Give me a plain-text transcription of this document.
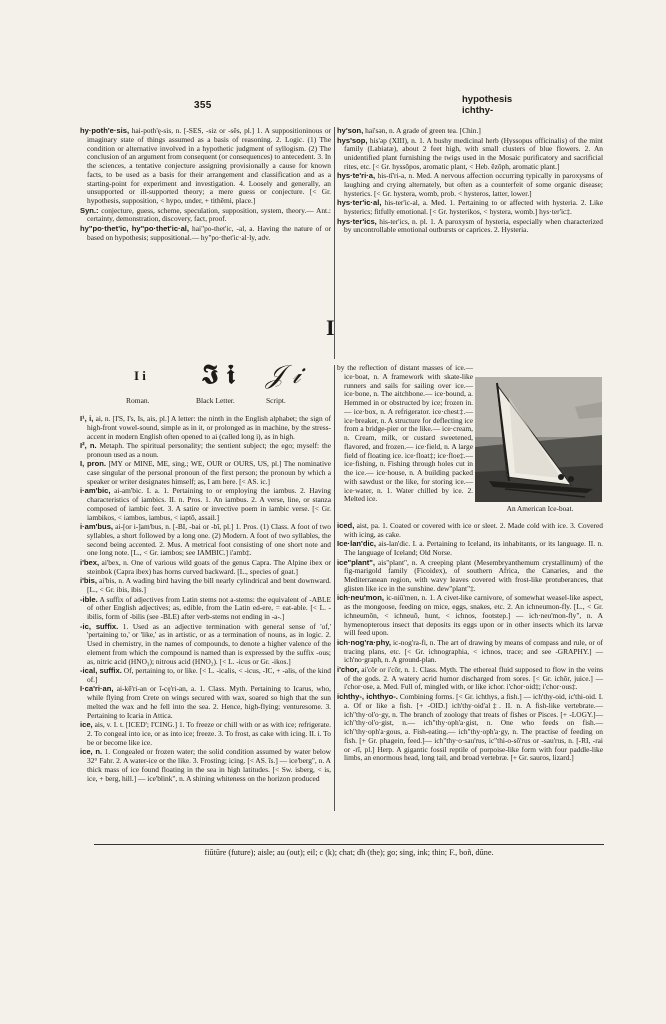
355
hypothesis
ichthy-

hy·poth'e·sis, hai-poth'ę-sis, n. [-SES, -siz or -sēs, pl.] 1. A suppositioninous or imaginary state of things assumed as a basis of reasoning. 2. Logic. (1) The condition or alternative involved in a hypothetic judgment of syllogism. (2) The conclusion of an argument from consequent (or consequences) to antecedent. 3. In the sciences, a tentative conjecture assigning provisionally a cause for known facts, to be used as a basis for their arrangement and classification and as a starting-point for experiment and investigation. 4. Loosely and generally, an unsupported or ill-supported theory; a mere guess or conjecture. [< Gr. hypothesis, supposition, < hypo, under, + tithēmi, place.]

Syn.: conjecture, guess, scheme, speculation, supposition, system, theory.— Ant.: certainty, demonstration, discovery, fact, proof.

hy"po·thet'ic, hy"po·thet'ic·al, hai"po-thet'ic, -al, a. Having the nature of or based on hypothesis; suppositional.— hy"po·thet'ic·al·ly, adv.

hy'son, hai'sǝn, n. A grade of green tea. [Chin.]

hys'sop, his'ǝp (XIII), n. 1. A bushy medicinal herb (Hyssopus officinalis) of the mint family (Labiatæ), about 2 feet high, with small clusters of blue flowers. 2. An unidentified plant furnishing the twigs used in the Mosaic purificatory and sacrificial rites, etc. [< Gr. hyssōpos, aromatic plant, < Heb. ēzōph, aromatic plant.]

hys·te'ri·a, his-tī'ri-a, n. Med. A nervous affection occurring typically in paroxysms of laughing and crying alternately, but often as a counterfeit of some organic disease; hysterics. [< Gr. hystera, womb, prob. < hysteros, latter, lower.]

hys·ter'ic·al, his-ter'ic-al, a. Med. 1. Pertaining to or affected with hysteria. 2. Like hysterics; fitfully emotional. [< Gr. hysterikos, < hystera, womb.] hys·ter'ic‡.

hys·ter'ics, his-ter'ics, n. pl. 1. A paroxysm of hysteria, especially when characterized by uncontrollable emotional outbursts or caprices. 2. Hysteria.

I
I i 𝕴 𝖎 𝒥 𝒾
Roman.	Black Letter.	Script.

I¹, i, ai, n. [I'S, I's, Is, ais, pl.] A letter: the ninth in the English alphabet; the sign of high-front vowel-sound, simple as in it, or prolonged as in machine, by the stress-accent in modern English often opened to ai (called long i), as in high.

I², n. Metaph. The spiritual personality; the sentient subject; the ego; myself: the pronoun used as a noun.

I, pron. [MY or MINE, ME, sing.; WE, OUR or OURS, US, pl.] The nominative case singular of the personal pronoun of the first person; the pronoun by which a speaker or writer designates himself; as, I am here. [< AS. ic.]

i·am'bic, ai-am'bic. I. a. 1. Pertaining to or employing the iambus. 2. Having characteristics of iambics. II. n. Pros. 1. An iambus. 2. A verse, line, or stanza composed of iambic feet. 3. A satire or invective poem in iambic verse. [< Gr. iambikos, < iambos, iambus, < iaptō, assail.]

i·am'bus, ai-[or i-]am'bus, n. [-BI, -bai or -bī, pl.] 1. Pros. (1) Class. A foot of two syllables, a short followed by a long one. (2) Modern. A foot of two syllables, the second being accented. 2. Mus. A metrical foot consisting of one short note and one long note. [L., < Gr. iambos; see IAMBIC.] i'amb‡.

i'bex, ai'bex, n. One of various wild goats of the genus Capra. The Alpine ibex or steinbok (Capra ibex) has horns curved backward. [L., species of goat.]

i'bis, ai'bis, n. A wading bird having the bill nearly cylindrical and bent downward. [L., < Gr. ibis, ibis.]

-ible. A suffix of adjectives from Latin stems not a-stems: the equivalent of -ABLE of other English adjectives; as, edible, from the Latin ed-ere, = eat-able. [< L. -ibilis, form of -bilis (see -BLE) after verb-stems not ending in -a-.]

-ic, suffix. 1. Used as an adjective termination with general sense of 'of,' 'pertaining to,' or 'like,' as in artistic, or as a termination of nouns, as in logic. 2. Used in chemistry, in the names of compounds, to denote a higher valence of the element from which the compound is named than is expressed by the suffix -ous; as, nitric acid (HNO₃); nitrous acid (HNO₂). [< L. -icus or Gr. -ikos.]

-ical, suffix. Of, pertaining to, or like. [< L. -icalis, < -icus, -IC, + -alis, of the kind of.]

I·ca'ri·an, ai-kē'ri-an or ī-cę'ri-an, a. 1. Class. Myth. Pertaining to Icarus, who, while flying from Crete on wings secured with wax, soared so high that the sun melted the wax and he fell into the sea. 2. Hence, high-flying; venturesome. 3. Pertaining to Icaria in Attica.

ice, ais, v. I. t. [ICED'; I'CING.] 1. To freeze or chill with or as with ice; refrigerate. 2. To congeal into ice, or as into ice; freeze. 3. To frost, as cake with icing. II. i. To be or become like ice.

ice, n. 1. Congealed or frozen water; the solid condition assumed by water below 32° Fahr. 2. A water-ice or the like. 3. Frosting; icing. [< AS. īs.] — ice'berg", n. A thick mass of ice found floating in the sea in high latitudes. [< Sw. isberg, < is, ice, + berg, hill.] — ice'blink", n. A shining whiteness on the horizon produced

An American Ice-boat.

by the reflection of distant masses of ice.— ice·boat, n. A framework with skate-like runners and sails for sailing over ice.— ice·bone, n. The aitchbone.— ice·bound, a. Hemmed in or obstructed by ice; frozen in.— ice·box, n. A refrigerator. ice·chest‡.— ice·breaker, n. A structure for deflecting ice from a bridge-pier or the like.— ice·cream, n. Cream, milk, or custard sweetened, flavored, and frozen.— ice·field, n. A large field of floating ice. ice·float‡; ice·floe‡.— ice·fishing, n. Fishing through holes cut in the ice.— ice·house, n. A building packed with sawdust or the like, for storing ice.— ice·water, n. 1. Water chilled by ice. 2. Melted ice.

iced, aist, pa. 1. Coated or covered with ice or sleet. 2. Made cold with ice. 3. Covered with icing, as cake.

Ice·lan'dic, ais-lan'dic. I. a. Pertaining to Iceland, its inhabitants, or its language. II. n. The language of Iceland; Old Norse.

ice"plant", ais"plant", n. A creeping plant (Mesembryanthemum crystallinum) of the fig-marigold family (Ficoidex), of southern Africa, the Canaries, and the Mediterranean region, with wavy leaves covered with frost-like protuberances, that glisten like ice in the sunshine. dew"plant"‡.

ich·neu'mon, ic-niū'men, n. 1. A civet-like carnivore, of somewhat weasel-like aspect, as the mongoose, feeding on mice, eggs, snakes, etc. 2. An ichneumon-fly. [L., < Gr. ichneumōn, < ichneuō, hunt, < ichnos, footstep.] — ich·neu'mon-fly", n. A hymenopterous insect that deposits its eggs upon or in other insects which its larvæ will feed upon.

ich·nog'ra·phy, ic-nog'ra-fi, n. The art of drawing by means of compass and rule, or of tracing plans, etc. [< Gr. ichnographia, < ichnos, trace; and see -GRAPHY.] — ich'no·graph, n. A ground-plan.

i'chor, ai'cōr or i'cōr, n. 1. Class. Myth. The ethereal fluid supposed to flow in the veins of the gods. 2. A watery acrid humor discharged from sores. [< Gr. ichōr, juice.] — i'chor·ose, a. Med. Full of, mingled with, or like ichor. i'chor·oid‡; i'chor·ous‡.

ichthy-, ichthyo-. Combining forms. [< Gr. ichthys, a fish.] — ich'thy-oid, ic'thi-oid. I. a. Of or like a fish. [+ -OID.] ich'thy·oid'al‡. II. n. A fish-like vertebrate.— ich"thy·ol'o·gy, n. The branch of zoology that treats of fishes or Pisces. [+ -LOGY.]— ich"thy·ol'o·gist, n.— ich"thy·oph'a·gist, n. One who feeds on fish.— ich"thy·oph'a·gous, a. Fish-eating.— ich"thy·oph'a·gy, n. The practise of feeding on fish. [+ Gr. phagein, feed.]— ich"thy·o·sau'rus, ic"thi-o-sō'rus or -sau'rus, n. [-RI, -rai or -rī, pl.] Herp. A gigantic fossil reptile of porpoise-like form with four paddle-like limbs, an enormous head, long tail, and broad vertebræ. [+ Gr. sauros, lizard.]

fiūtūre (future); aisle; au (out); eil; c (k); chat; dh (the); go; sing, ink; thin; F., boñ, dūne.
